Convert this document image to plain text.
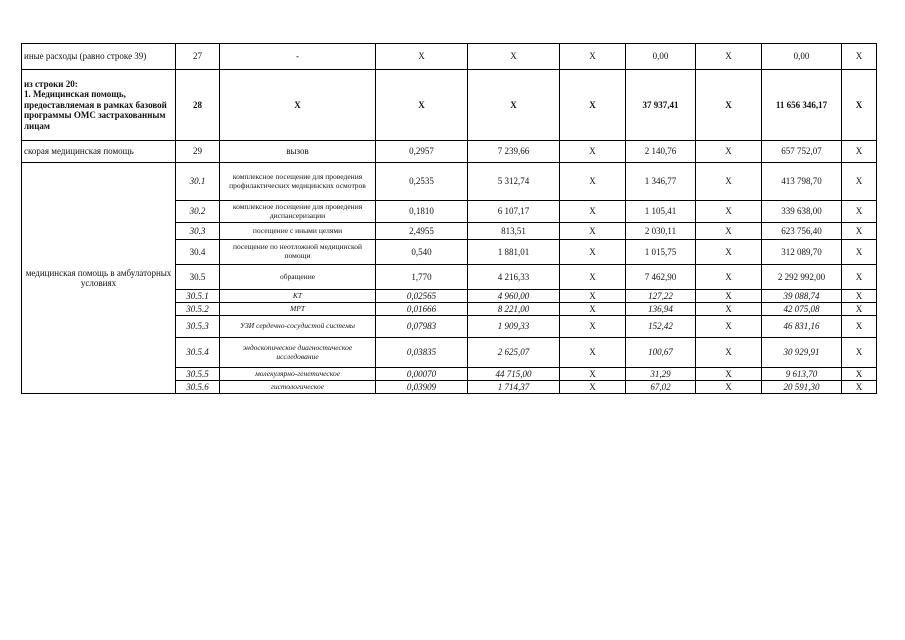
иные расходы (равно строке 39)	27	-	X	X	X	0,00	X	0,00	X
из строки 20:
1. Медицинская помощь, предоставляемая в рамках базовой программы ОМС застрахованным лицам	28	X	X	X	X	37 937,41	X	11 656 346,17	X
скорая медицинская помощь	29	вызов	0,2957	7 239,66	X	2 140,76	X	657 752,07	X
медицинская помощь в амбулаторных условиях	30.1	комплексное посещение для проведения профилактических медицинских осмотров	0,2535	5 312,74	X	1 346,77	X	413 798,70	X
	30.2	комплексное посещение для проведения диспансеризации	0,1810	6 107,17	X	1 105,41	X	339 638,00	X
	30.3	посещение с иными целями	2,4955	813,51	X	2 030,11	X	623 756,40	X
	30.4	посещение по неотложной медицинской помощи	0,540	1 881,01	X	1 015,75	X	312 089,70	X
	30.5	обращение	1,770	4 216,33	X	7 462,90	X	2 292 992,00	X
	30.5.1	КТ	0,02565	4 960,00	X	127,22	X	39 088,74	X
	30.5.2	МРТ	0,01666	8 221,00	X	136,94	X	42 075,08	X
	30.5.3	УЗИ сердечно-сосудистой системы	0,07983	1 909,33	X	152,42	X	46 831,16	X
	30.5.4	эндоскопическое диагностическое исследование	0,03835	2 625,07	X	100,67	X	30 929,91	X
	30.5.5	молекулярно-генетическое	0,00070	44 715,00	X	31,29	X	9 613,70	X
	30.5.6	гистологическое	0,03909	1 714,37	X	67,02	X	20 591,30	X
